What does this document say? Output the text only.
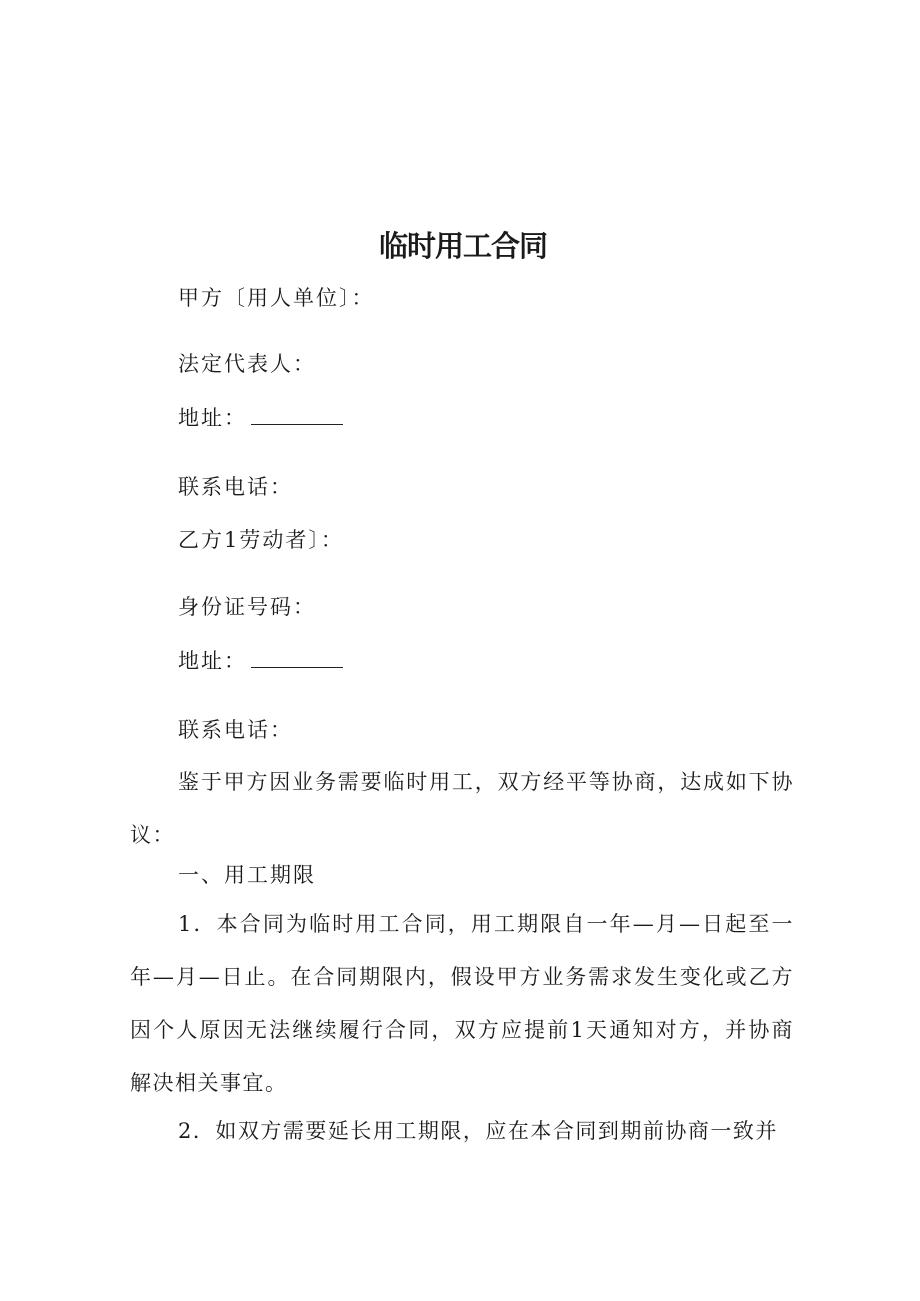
临时用工合同

甲方〔用人单位〕：

法定代表人：

地址：

联系电话：

乙方1劳动者〕：

身份证号码：

地址：

联系电话：

鉴于甲方因业务需要临时用工，双方经平等协商，达成如下协议：

一、用工期限

1．本合同为临时用工合同，用工期限自一年—月—日起至一年—月—日止。在合同期限内，假设甲方业务需求发生变化或乙方因个人原因无法继续履行合同，双方应提前1天通知对方，并协商解决相关事宜。

2．如双方需要延长用工期限，应在本合同到期前协商一致并
